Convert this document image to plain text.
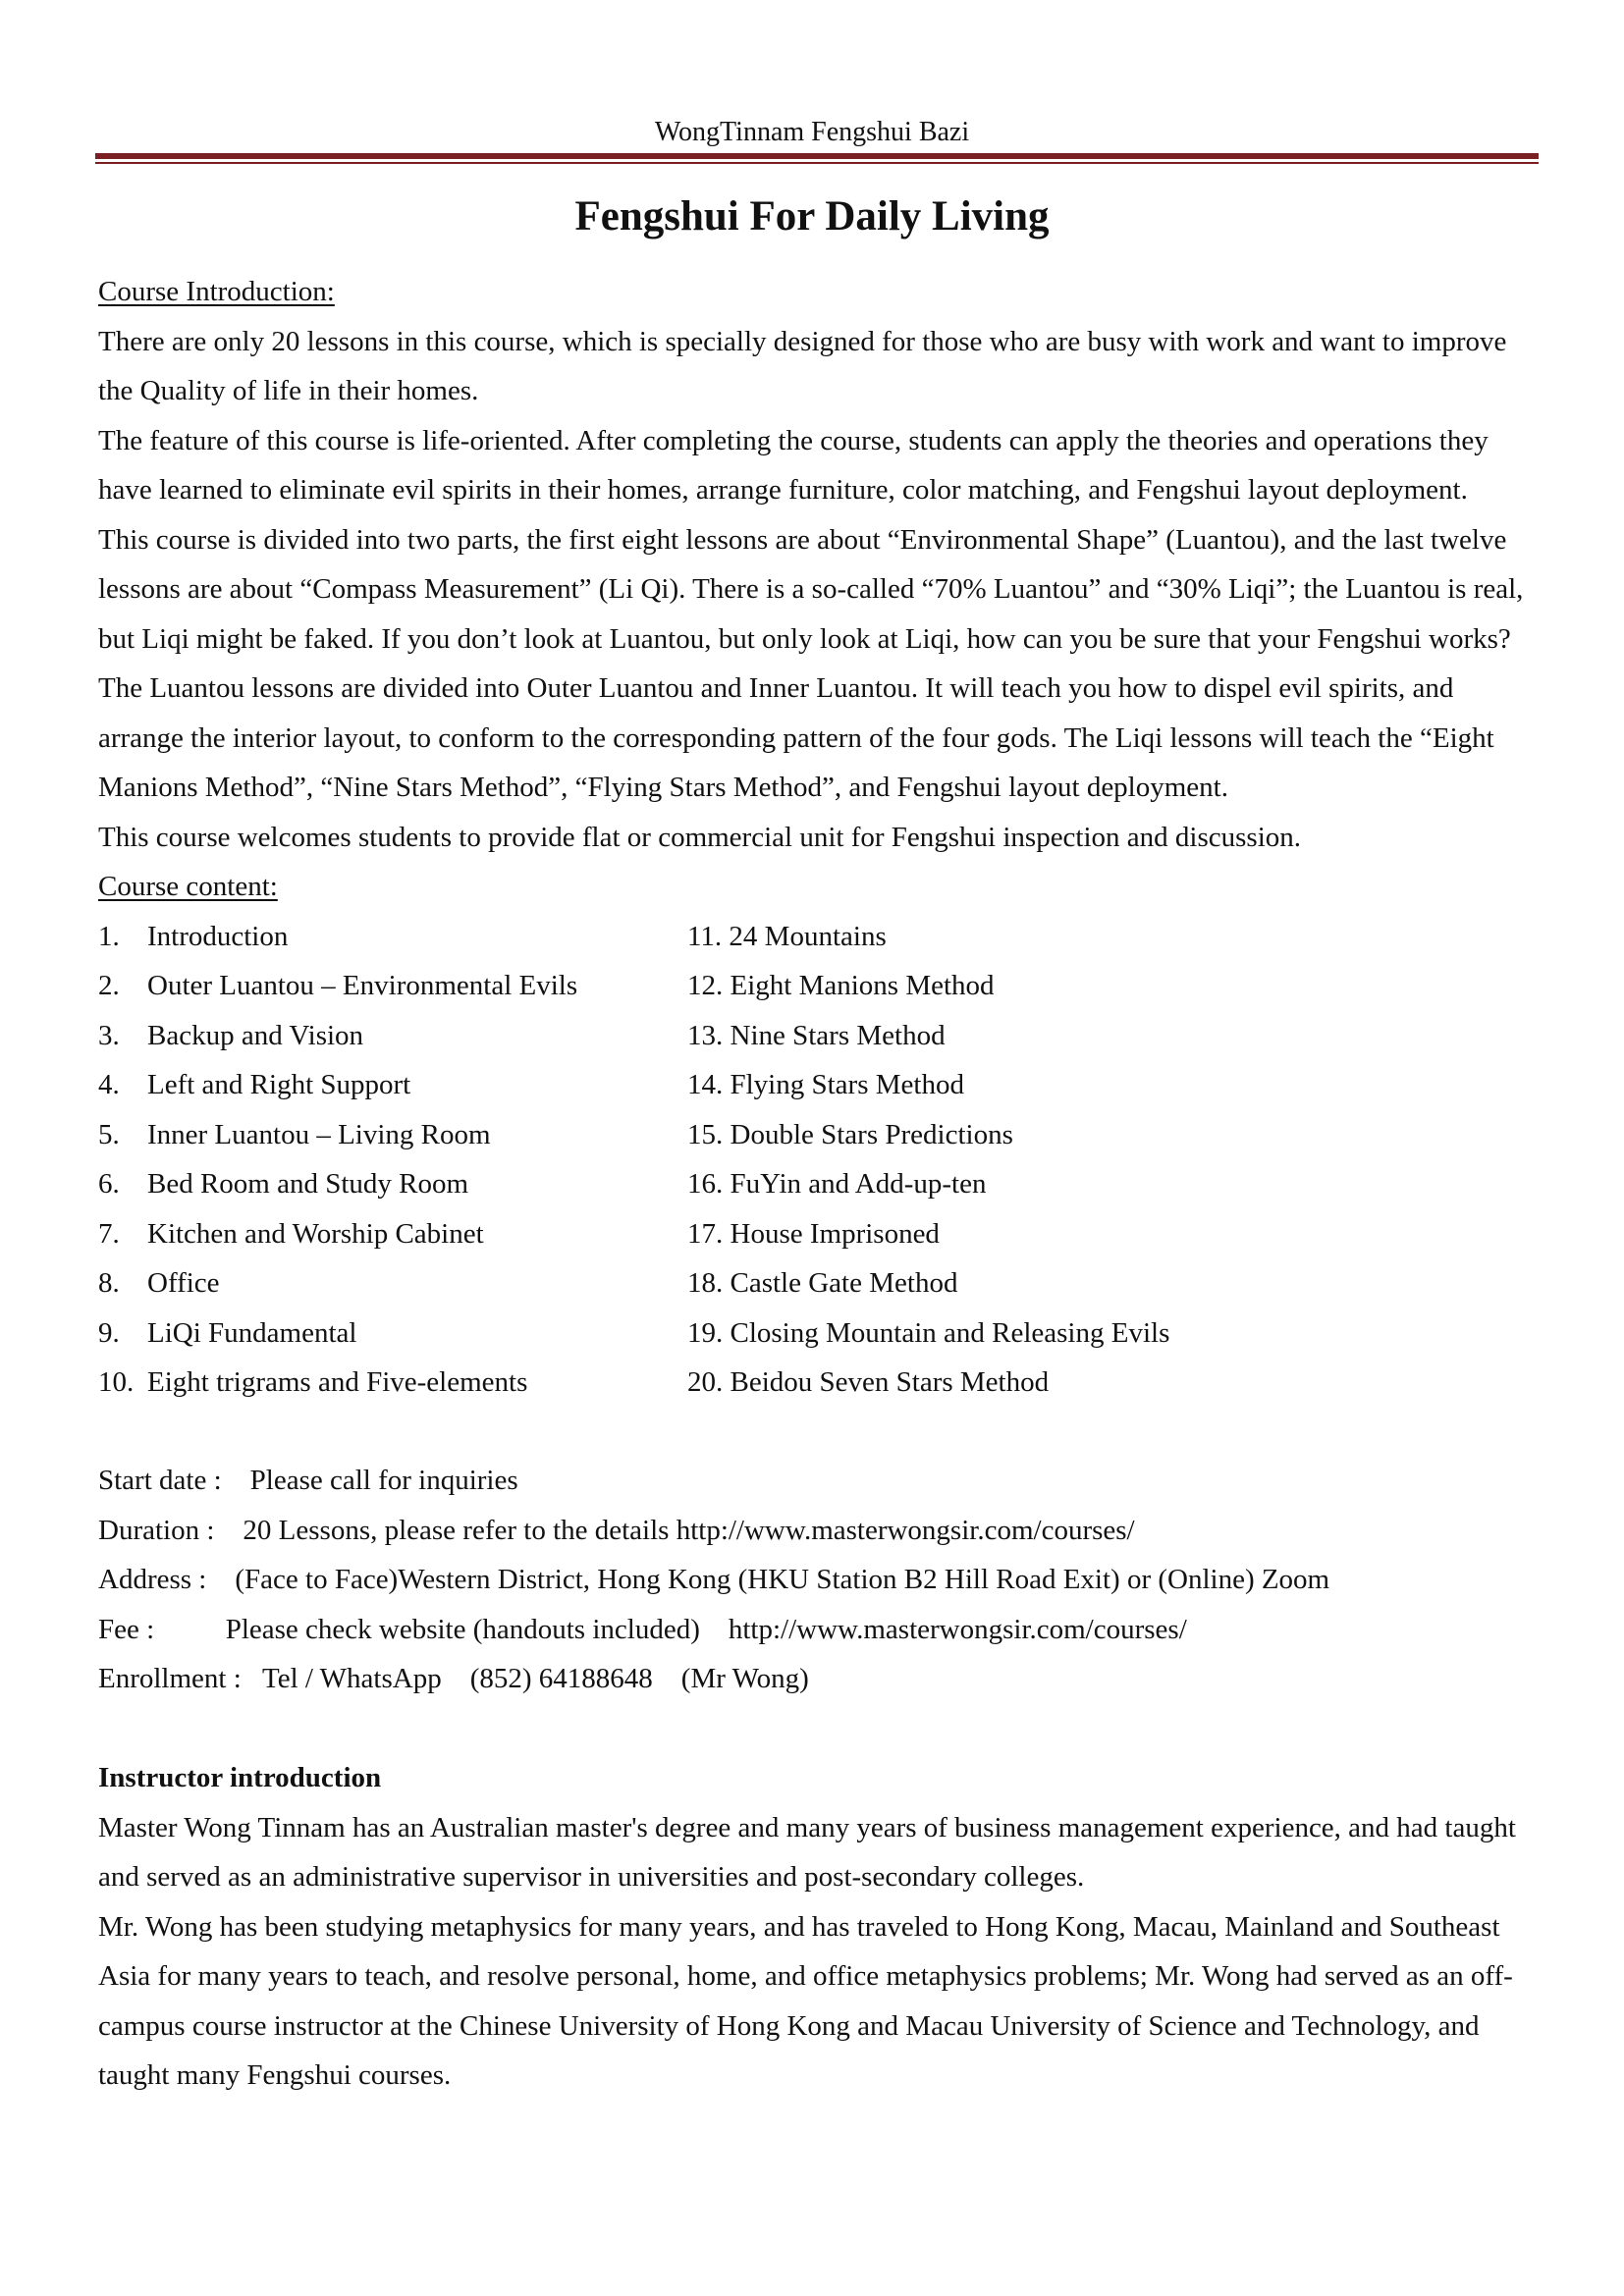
WongTinnam Fengshui Bazi
Fengshui For Daily Living

Course Introduction:

There are only 20 lessons in this course, which is specially designed for those who are busy with work and want to improve the Quality of life in their homes.

The feature of this course is life-oriented. After completing the course, students can apply the theories and operations they have learned to eliminate evil spirits in their homes, arrange furniture, color matching, and Fengshui layout deployment.

This course is divided into two parts, the first eight lessons are about “Environmental Shape” (Luantou), and the last twelve lessons are about “Compass Measurement” (Li Qi). There is a so-called “70% Luantou” and “30% Liqi”; the Luantou is real, but Liqi might be faked. If you don’t look at Luantou, but only look at Liqi, how can you be sure that your Fengshui works?

The Luantou lessons are divided into Outer Luantou and Inner Luantou. It will teach you how to dispel evil spirits, and arrange the interior layout, to conform to the corresponding pattern of the four gods. The Liqi lessons will teach the “Eight Manions Method”, “Nine Stars Method”, “Flying Stars Method”, and Fengshui layout deployment.

This course welcomes students to provide flat or commercial unit for Fengshui inspection and discussion.

Course content:

1. Introduction
2. Outer Luantou – Environmental Evils
3. Backup and Vision
4. Left and Right Support
5. Inner Luantou – Living Room
6. Bed Room and Study Room
7. Kitchen and Worship Cabinet
8. Office
9. LiQi Fundamental
10. Eight trigrams and Five-elements
11. 24 Mountains
12. Eight Manions Method
13. Nine Stars Method
14. Flying Stars Method
15. Double Stars Predictions
16. FuYin and Add-up-ten
17. House Imprisoned
18. Castle Gate Method
19. Closing Mountain and Releasing Evils
20. Beidou Seven Stars Method

Start date : Please call for inquiries

Duration : 20 Lessons, please refer to the details http://www.masterwongsir.com/courses/

Address : (Face to Face)Western District, Hong Kong (HKU Station B2 Hill Road Exit) or (Online) Zoom

Fee :	Please check website (handouts included) http://www.masterwongsir.com/courses/

Enrollment : Tel / WhatsApp (852) 64188648 (Mr Wong)

Instructor introduction

Master Wong Tinnam has an Australian master's degree and many years of business management experience, and had taught and served as an administrative supervisor in universities and post-secondary colleges.

Mr. Wong has been studying metaphysics for many years, and has traveled to Hong Kong, Macau, Mainland and Southeast Asia for many years to teach, and resolve personal, home, and office metaphysics problems; Mr. Wong had served as an off-campus course instructor at the Chinese University of Hong Kong and Macau University of Science and Technology, and taught many Fengshui courses.
